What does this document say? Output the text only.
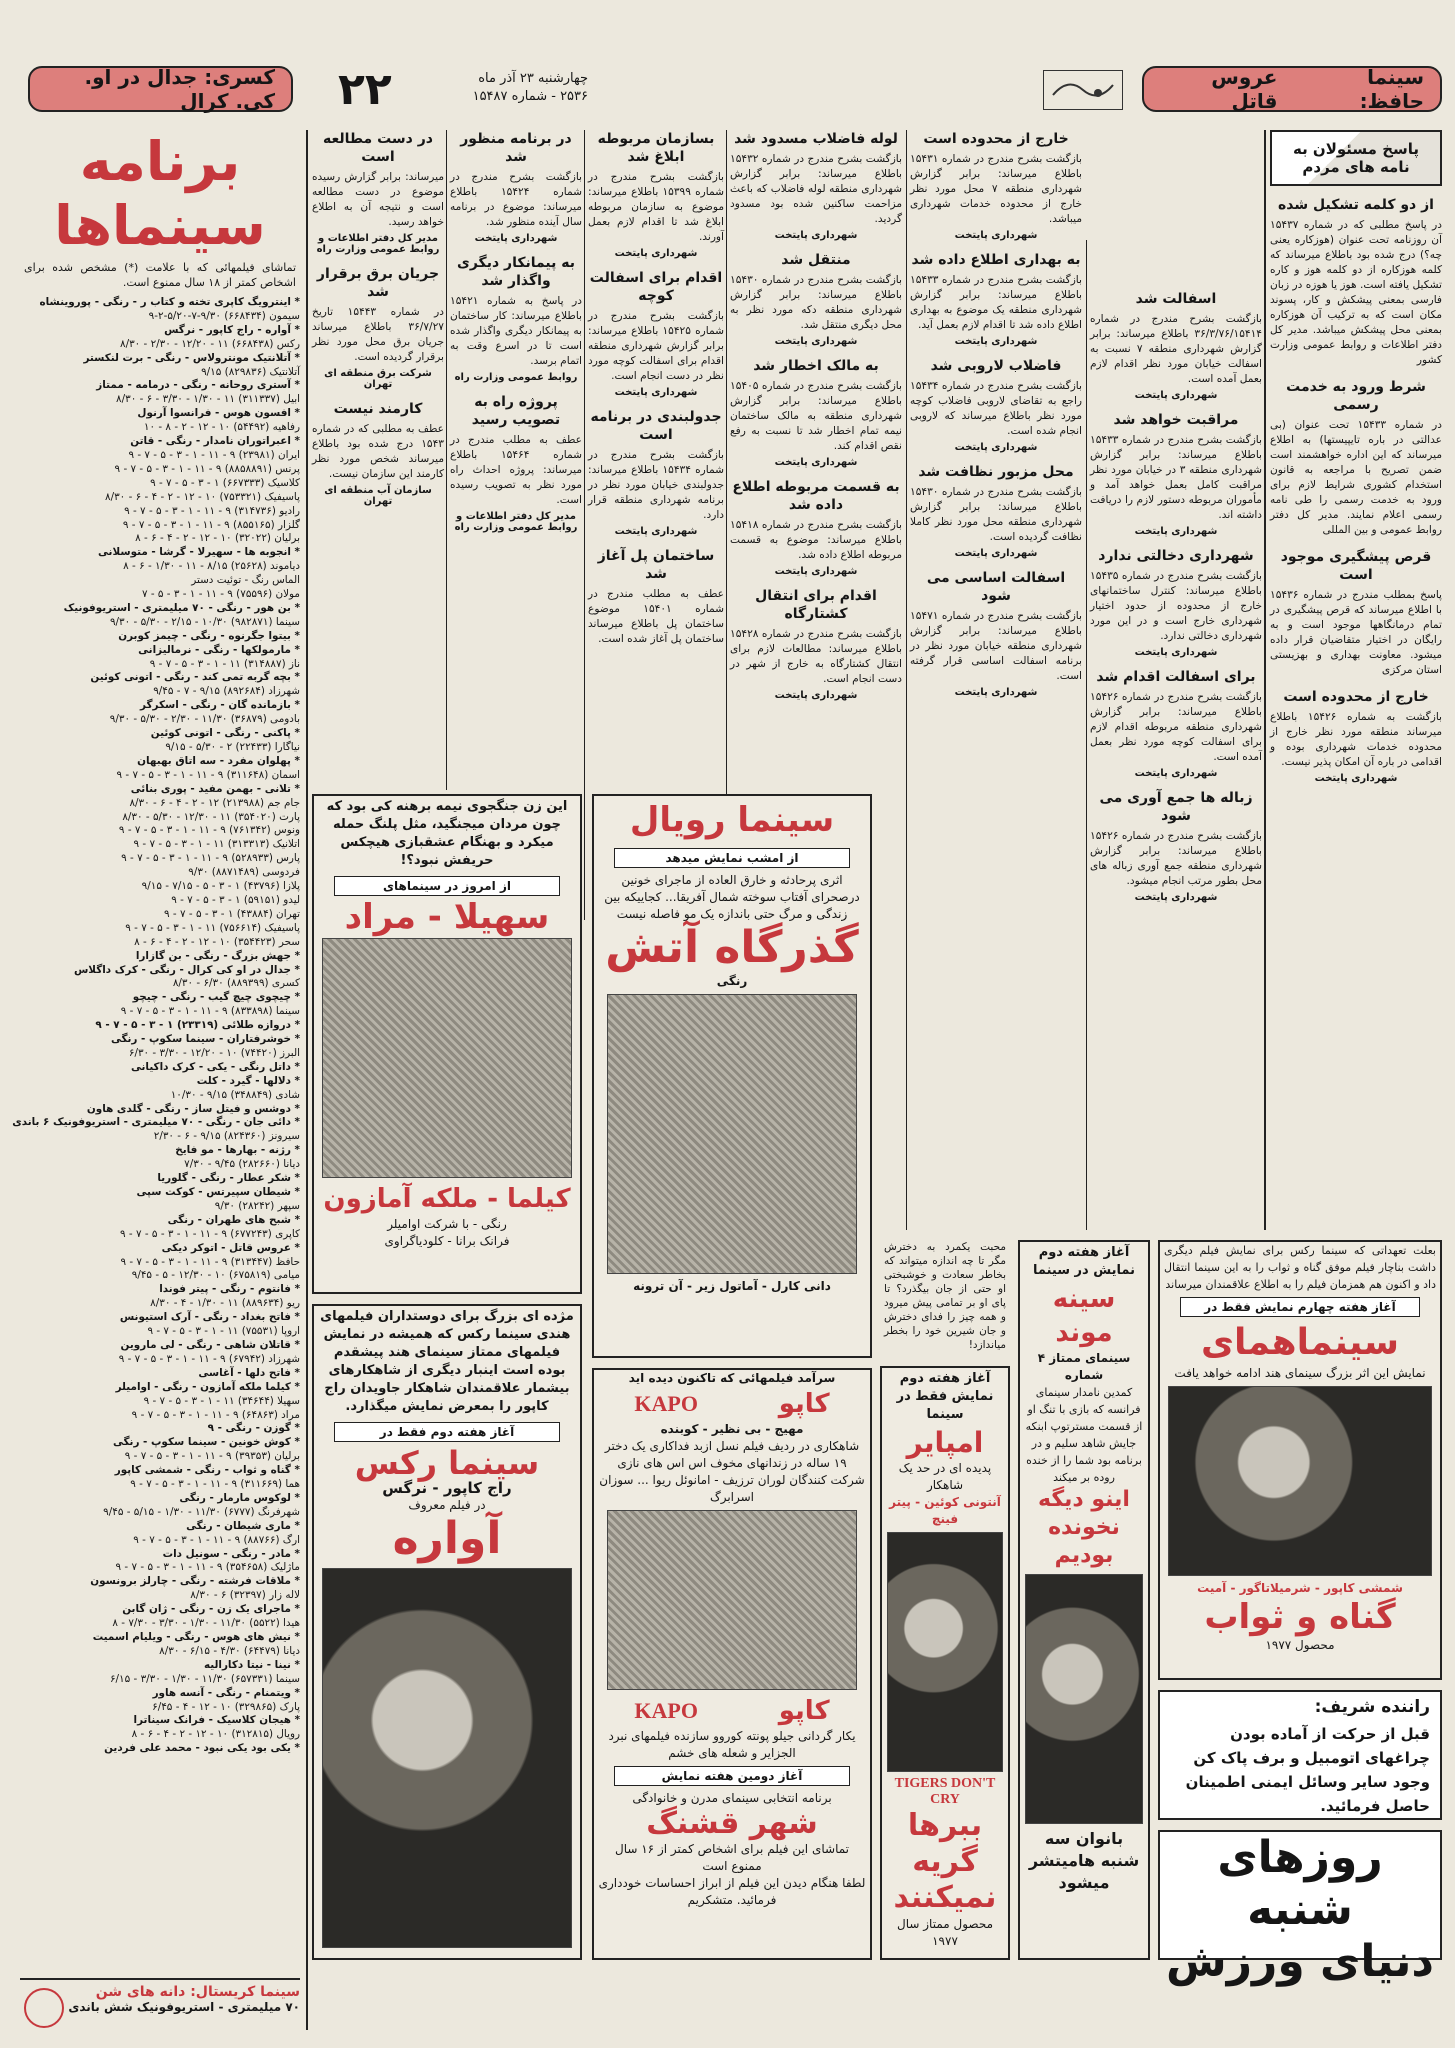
کسری: جدال در او. کی. کرال ۲۲	چهارشنبه ۲۳ آذر ماه
۲۵۳۶ - شماره ۱۵۴۸۷
سینما حافظ:
عروس قاتل
برنامه سینماها
تماشای فیلمهائی که با علامت (*) مشخص شده برای اشخاص کمتر از ۱۸ سال ممنوع است.
* اینترویگ کاپری تخته و کتاب ر - رنگی - پوروینشاه
سیمون (۶۶۸۴۳۴) ۹/۳۰-۷-۵/۲۰-۲-۹
* آواره - راج کاپور - نرگس
رکس (۶۶۸۴۳۸) ۱۱ - ۱۲/۲۰ - ۲/۳۰ - ۸/۳۰
* آتلانتیک مونترولاس - رنگی - برت لنکستر
آتلانتیک (۸۲۹۸۳۶) ۹/۱۵
* آستری روحانه - رنگی - درمامه - ممتاز
ابیل (۳۱۱۳۳۷) ۱۱ - ۱/۳۰ - ۳/۳۰ - ۶ - ۸/۳۰
* افسون هوس - فرانسوا آرنول
رفاهیه (۵۴۴۹۲) ۱۰ - ۱۲ - ۲ - ۸ - ۱۰
* اعبراتوران نامدار - رنگی - قاتن
ایران (۲۳۹۸۱) ۹ - ۱۱ - ۱ - ۳ - ۵ - ۷ - ۹
پرنس (۸۸۵۸۸۹۱) ۹ - ۱۱ - ۱ - ۳ - ۵ - ۷ - ۹
کلاسیک (۶۶۷۳۳۳) ۱ - ۳ - ۵ - ۷ - ۹
پاسیفیک (۷۵۳۳۲۱) ۱۰ - ۱۲ - ۲ - ۴ - ۶ - ۸/۳۰
رادیو (۳۱۴۷۳۶) ۹ - ۱۱ - ۱ - ۳ - ۵ - ۷ - ۹
گلزار (۸۵۵۱۶۵) ۹ - ۱۱ - ۱ - ۳ - ۵ - ۷ - ۹
برلیان (۳۲۰۲۲) ۱۰ - ۱۲ - ۲ - ۴ - ۶ - ۸
* انجوبه ها - سهیرلا - گرشا - متوسلانی
دیاموند (۲۵۶۲۸) ۸/۱۵ - ۱۱ - ۱/۳۰ - ۶ - ۸
الماس رنگ - توئیت دستر
مولان (۷۵۵۹۶) ۹ - ۱۱ - ۱ - ۳ - ۵ - ۷
* بن هور - رنگی - ۷۰ میلیمتری - استریوفونیک
سینما (۹۸۲۸۷۱) ۱۰/۳۰ - ۲/۱۵ - ۵/۳۰ - ۹/۳۰
* بیتوا جگرنوه - رنگی - چیمز کوبرن
* مارمولکها - رنگی - نرمالیزانی
ناز (۳۱۴۸۸۷) ۱۱ - ۱ - ۳ - ۵ - ۷ - ۹
* بچه گربه تمی کند - رنگی - اتونی کوئین
شهرزاد (۸۹۲۶۸۴) ۹/۱۵ - ۷ - ۹/۴۵
* بازمانده گان - رنگی - اسکرگر
بادومی (۳۶۸۷۹) ۱۱/۳۰ - ۲/۳۰ - ۵/۳۰ - ۹/۳۰
* پاکنی - رنگی - اتونی کوئین
نیاگارا (۲۲۴۳۳) ۲ - ۵/۳۰ - ۹/۱۵
* پهلوان مفرد - سه اتاق بهبهان
اسمان (۳۱۱۶۴۸) ۹ - ۱۱ - ۱ - ۳ - ۵ - ۷ - ۹
* تلانی - بهمن مفید - پوری بنائی
جام جم (۲۱۳۹۸۸) ۱۲ - ۲ - ۴ - ۶ - ۸/۳۰
پارت (۳۵۴۰۲۰) ۱۱ - ۱۲/۳۰ - ۵/۳۰ - ۸/۳۰
ونوس (۷۶۱۳۴۲) ۹ - ۱۱ - ۱ - ۳ - ۵ - ۷ - ۹
اتلانیک (۳۱۳۳۱۳) ۱۱ - ۱ - ۳ - ۵ - ۷ - ۹
پارس (۵۲۸۹۳۳) ۹ - ۱۱ - ۱ - ۳ - ۵ - ۷ - ۹
فردوسی (۸۸۷۱۴۸۹) ۹/۳۰
پلازا (۴۳۷۹۶) ۱ - ۳ - ۵ - ۷/۱۵ - ۹/۱۵
لیدو (۵۹۱۵۱) ۱ - ۳ - ۵ - ۷ - ۹
تهران (۴۳۸۸۴) ۱ - ۳ - ۵ - ۷ - ۹
پاسیفیک (۷۵۶۶۱۴) ۱۱ - ۱ - ۳ - ۵ - ۷ - ۹
سحر (۳۵۴۴۲۳) ۱۰ - ۱۲ - ۲ - ۴ - ۶ - ۸
* جهش بزرگ - رنگی - بن گازارا
* جدال در او کی کرال - رنگی - کرک داگلاس
کسری (۸۸۹۳۹۹) ۶/۳۰ - ۸/۳۰
* چیچوی چیچ گیب - رنگی - چیچو
سینما (۸۳۳۸۹۸) ۹ - ۱۱ - ۱ - ۳ - ۵ - ۷ - ۹
* دروازه طلائی (۲۳۳۱۹) ۱ - ۳ - ۵ - ۷ - ۹
* خوشرفتاران - سینما سکوپ - رنگی
البرز (۷۴۴۲۰) ۱۰ - ۱۲/۲۰ - ۳/۳۰ - ۶/۳۰
* داتل رنگی - یکی - کرک داکیانی
* دلالها - گیرد - کلت
شادی (۳۴۸۸۴۹) ۹/۱۵ - ۱۰/۳۰
* دوشس و فیتل ساز - رنگی - گلدی هاون
* دائی جان - رنگی - ۷۰ میلیمتری - استریوفونیک ۶ باندی
سیرونز (۸۲۴۳۶۰) ۹/۱۵ - ۶ - ۲/۳۰
* رژنه - بهارها - مو فایخ
دیانا (۲۸۲۶۶۰) ۹/۴۵ - ۷/۳۰
* شکر عطار - رنگی - گلوریا
* شیطان سپیرتس - کوکت سپی
سپهر (۲۸۲۴۲) ۹/۳۰
* شبح های طهران - رنگی
کاپری (۶۷۷۲۴۳) ۹ - ۱۱ - ۱ - ۳ - ۵ - ۷ - ۹
* عروس قاتل - اتوکر دیکی
حافظ (۳۱۳۴۴۷) ۹ - ۱۱ - ۱ - ۳ - ۵ - ۷ - ۹
میامی (۶۷۵۸۱۹) ۱۰ - ۱۲/۳۰ - ۵ - ۹/۴۵
* فانتوم - رنگی - پیتر فوندا
ریو (۸۸۹۶۳۴) ۱۱ - ۱/۳۰ - ۴ - ۸/۳۰
* فاتح بغداد - رنگی - آرک استیونس
اروپا (۷۵۵۳۱) ۱۱ - ۱ - ۳ - ۵ - ۷ - ۹
* قاتلان شاهی - رنگی - لی ماروین
شهرزاد (۶۷۹۴۲) ۹ - ۱۱ - ۱ - ۳ - ۵ - ۷ - ۹
* فاتح دلها - آغاسی
* کیلما ملکه آمازون - رنگی - اوامیلر
سهیلا (۳۴۶۴۴) ۱۱ - ۱ - ۳ - ۵ - ۷ - ۹
مراد (۶۴۸۶۳) ۹ - ۱۱ - ۱ - ۳ - ۵ - ۷ - ۹
* گوزن - رنگی - ۹
* کوش خونین - سینما سکوپ - رنگی
برلیان (۳۹۳۵۳) ۹ - ۱۱ - ۱ - ۳ - ۵ - ۷ - ۹
* گناه و ثواب - رنگی - شمشی کاپور
هما (۳۱۱۶۶۹) ۹ - ۱۱ - ۱ - ۳ - ۵ - ۷ - ۹
* لوکوس مارمار - رنگی
شهرفرنگ (۶۷۷۷) ۱۱/۳۰ - ۱/۳۰ - ۵/۱۵ - ۹/۴۵
* ماری شیطان - رنگی
ارگ (۸۸۷۶۶) ۹ - ۱۱ - ۱ - ۳ - ۵ - ۷ - ۹
* مادر - رنگی - سونیل دات
ماژلیک (۳۵۴۶۵۸) ۹ - ۱۱ - ۱ - ۳ - ۵ - ۷ - ۹
* ملاقات فرشته - رنگی - چارلز برونسون
لاله زار (۳۲۳۹۷) ۶ - ۸/۳۰
* ماجرای یک زن - رنگی - ژان گابن
هیدا (۵۵۲۲) ۱۱/۳۰ - ۱/۳۰ - ۳/۳۰ - ۷/۳۰ - ۸
* نیش های هوس - رنگی - ویلیام اسمیت
دیانا (۶۴۴۷۹) ۴/۳۰ - ۶/۱۵ - ۸/۳۰
* نینا - نیتا دکارالیه
سینما (۶۵۷۳۳۱) ۱۱/۳۰ - ۱/۳۰ - ۳/۳۰ - ۶/۱۵
* ویتمنام - رنگی - آنسه هاور
پارک (۳۲۹۸۶۵) ۱۰ - ۱۲ - ۴ - ۶/۴۵
* هیجان کلاسیک - فرانک سیناترا
رویال (۳۱۲۸۱۵) ۱۰ - ۱۲ - ۲ - ۴ - ۶ - ۸
* یکی بود یکی نبود - محمد علی فردین
سینما کریستال: دانه های شن
۷۰ میلیمتری - استریوفونیک شش باندی
پاسخ مسئولان به نامه های مردم
از دو کلمه تشکیل شده
در پاسخ مطلبی که در شماره ۱۵۴۳۷ آن روزنامه تحت عنوان (هوزکاره یعنی چه؟) درج شده بود باطلاع میرساند که کلمه هوزکاره از دو کلمه هوز و کاره تشکیل یافته است. هوز یا هوزه در زبان فارسی بمعنی پیشکش و کار، پسوند مکان است که به ترکیب آن هوزکاره بمعنی محل پیشکش میباشد. مدیر کل دفتر اطلاعات و روابط عمومی وزارت کشور
شرط ورود به خدمت رسمی
در شماره ۱۵۴۳۳ تحت عنوان (بی عدالتی در باره تایپیستها) به اطلاع میرساند که این اداره خواهشمند است ضمن تصریح با مراجعه به قانون استخدام کشوری شرایط لازم برای ورود به خدمت رسمی را طی نامه رسمی اعلام نمایند. مدیر کل دفتر روابط عمومی و بین المللی
قرص پیشگیری موجود است
پاسخ بمطلب مندرج در شماره ۱۵۴۳۶ با اطلاع میرساند که قرص پیشگیری در تمام درمانگاهها موجود است و به رایگان در اختیار متقاضیان قرار داده میشود. معاونت بهداری و بهزیستی استان مرکزی
خارج از محدوده است
بازگشت به شماره ۱۵۴۲۶ باطلاع میرساند منطقه مورد نظر خارج از محدوده خدمات شهرداری بوده و اقدامی در باره آن امکان پذیر نیست.
شهرداری پایتخت
اسفالت شد
بازگشت بشرح مندرج در شماره ۳۶/۳/۷۶/۱۵۴۱۴ باطلاع میرساند: برابر گزارش شهرداری منطقه ۷ نسبت به اسفالت خیابان مورد نظر اقدام لازم بعمل آمده است.
شهرداری پایتخت
مراقبت خواهد شد
بازگشت بشرح مندرج در شماره ۱۵۴۳۳ باطلاع میرساند: برابر گزارش شهرداری منطقه ۳ در خیابان مورد نظر مراقبت کامل بعمل خواهد آمد و مأموران مربوطه دستور لازم را دریافت داشته اند.
شهرداری پایتخت
شهرداری دخالتی ندارد
بازگشت بشرح مندرج در شماره ۱۵۴۳۵ باطلاع میرساند: کنترل ساختمانهای خارج از محدوده از حدود اختیار شهرداری خارج است و در این مورد شهرداری دخالتی ندارد.
شهرداری پایتخت
برای اسفالت اقدام شد
بازگشت بشرح مندرج در شماره ۱۵۴۲۶ باطلاع میرساند: برابر گزارش شهرداری منطقه مربوطه اقدام لازم برای اسفالت کوچه مورد نظر بعمل آمده است.
شهرداری پایتخت
زباله ها جمع آوری می شود
بازگشت بشرح مندرج در شماره ۱۵۴۲۶ باطلاع میرساند: برابر گزارش شهرداری منطقه جمع آوری زباله های محل بطور مرتب انجام میشود.
شهرداری پایتخت
خارج از محدوده است
بازگشت بشرح مندرج در شماره ۱۵۴۳۱ باطلاع میرساند: برابر گزارش شهرداری منطقه ۷ محل مورد نظر خارج از محدوده خدمات شهرداری میباشد.
شهرداری پایتخت
به بهداری اطلاع داده شد
بازگشت بشرح مندرج در شماره ۱۵۴۳۳ باطلاع میرساند: برابر گزارش شهرداری منطقه یک موضوع به بهداری اطلاع داده شد تا اقدام لازم بعمل آید.
شهرداری پایتخت
فاضلاب لاروبی شد
بازگشت بشرح مندرج در شماره ۱۵۴۳۴ راجع به تقاضای لاروبی فاضلاب کوچه مورد نظر باطلاع میرساند که لاروبی انجام شده است.
شهرداری پایتخت
محل مزبور نظافت شد
بازگشت بشرح مندرج در شماره ۱۵۴۳۰ باطلاع میرساند: برابر گزارش شهرداری منطقه محل مورد نظر کاملا نظافت گردیده است.
شهرداری پایتخت
اسفالت اساسی می شود
بازگشت بشرح مندرج در شماره ۱۵۴۷۱ باطلاع میرساند: برابر گزارش شهرداری منطقه خیابان مورد نظر در برنامه اسفالت اساسی قرار گرفته است.
شهرداری پایتخت
لوله فاضلاب مسدود شد
بازگشت بشرح مندرج در شماره ۱۵۴۳۲ باطلاع میرساند: برابر گزارش شهرداری منطقه لوله فاضلاب که باعث مزاحمت ساکنین شده بود مسدود گردید.
شهرداری پایتخت
منتقل شد
بازگشت بشرح مندرج در شماره ۱۵۴۳۰ باطلاع میرساند: برابر گزارش شهرداری منطقه دکه مورد نظر به محل دیگری منتقل شد.
شهرداری پایتخت
به مالک اخطار شد
بازگشت بشرح مندرج در شماره ۱۵۴۰۵ باطلاع میرساند: برابر گزارش شهرداری منطقه به مالک ساختمان نیمه تمام اخطار شد تا نسبت به رفع نقص اقدام کند.
شهرداری پایتخت
به قسمت مربوطه اطلاع داده شد
بازگشت بشرح مندرج در شماره ۱۵۴۱۸ باطلاع میرساند: موضوع به قسمت مربوطه اطلاع داده شد.
شهرداری پایتخت
اقدام برای انتقال کشتارگاه
بازگشت بشرح مندرج در شماره ۱۵۴۲۸ باطلاع میرساند: مطالعات لازم برای انتقال کشتارگاه به خارج از شهر در دست انجام است.
شهرداری پایتخت
بسازمان مربوطه ابلاغ شد
بازگشت بشرح مندرج در شماره ۱۵۳۹۹ باطلاع میرساند: موضوع به سازمان مربوطه ابلاغ شد تا اقدام لازم بعمل آورند.
شهرداری پایتخت
اقدام برای اسفالت کوچه
بازگشت بشرح مندرج در شماره ۱۵۴۲۵ باطلاع میرساند: برابر گزارش شهرداری منطقه اقدام برای اسفالت کوچه مورد نظر در دست انجام است.
شهرداری پایتخت
جدولبندی در برنامه است
بازگشت بشرح مندرج در شماره ۱۵۴۳۴ باطلاع میرساند: جدولبندی خیابان مورد نظر در برنامه شهرداری منطقه قرار دارد.
شهرداری پایتخت
ساختمان پل آغاز شد
عطف به مطلب مندرج در شماره ۱۵۴۰۱ موضوع ساختمان پل باطلاع میرساند ساختمان پل آغاز شده است.
در برنامه منظور شد
بازگشت بشرح مندرج در شماره ۱۵۴۲۴ باطلاع میرساند: موضوع در برنامه سال آینده منظور شد.
شهرداری پایتخت
به پیمانکار دیگری واگذار شد
در پاسخ به شماره ۱۵۴۲۱ باطلاع میرساند: کار ساختمان به پیمانکار دیگری واگذار شده است تا در اسرع وقت به اتمام برسد.
روابط عمومی وزارت راه
پروژه راه به تصویب رسید
عطف به مطلب مندرج در شماره ۱۵۴۶۴ باطلاع میرساند: پروژه احداث راه مورد نظر به تصویب رسیده است.
مدیر کل دفتر اطلاعات و روابط عمومی وزارت راه
در دست مطالعه است
میرساند: برابر گزارش رسیده موضوع در دست مطالعه است و نتیجه آن به اطلاع خواهد رسید.
مدیر کل دفتر اطلاعات و روابط عمومی وزارت راه
جریان برق برقرار شد
در شماره ۱۵۴۴۳ تاریخ ۳۶/۷/۲۷ باطلاع میرساند جریان برق محل مورد نظر برقرار گردیده است.
شرکت برق منطقه ای تهران
کارمند نیست
عطف به مطلبی که در شماره ۱۵۴۳ درج شده بود باطلاع میرساند شخص مورد نظر کارمند این سازمان نیست.
سازمان آب منطقه ای تهران
این زن جنگجوی نیمه برهنه کی بود که چون مردان میجنگید، مثل پلنگ حمله میکرد و بهنگام عشقبازی هیچکس حریفش نبود؟!
از امروز در سینماهای
سهیلا - مراد
کیلما - ملکه آمازون
رنگی - با شرکت اوامیلر
فرانک برانا - کلودیاگراوی
سینما رویال
از امشب نمایش میدهد
اثری پرحادثه و خارق العاده از ماجرای خونین درصحرای آفتاب سوخته شمال آفریقا... کجاییکه بین زندگی و مرگ حتی باندازه یک مو فاصله نیست
گذرگاه آتش
رنگی
دانی کارل - آماتول زیر - آن ترونه
مژده ای بزرگ برای دوستداران فیلمهای هندی سینما رکس که همیشه در نمایش فیلمهای ممتاز سینمای هند پیشقدم بوده است اینبار دیگری از شاهکارهای بیشمار علاقمندان شاهکار جاویدان راج کاپور را بمعرض نمایش میگذارد.
آغاز هفته دوم فقط در
سینما رکس
راج کاپور - نرگس
در فیلم معروف
آواره
سرآمد فیلمهائی که تاکنون دیده اید
کاپو
KAPO
مهیج - بی نظیر - کوبنده
شاهکاری در ردیف فیلم نسل ازبد فداکاری یک دختر ۱۹ ساله در زندانهای مخوف اس اس های نازی
شرکت کنندگان لوران ترزیف - امانوئل ریوا ... سوزان اسرابرگ
کاپو
KAPO
یکار گردانی جیلو پونته کوروو سازنده فیلمهای نبرد الجزایر و شعله های خشم
آغاز دومین هفته نمایش
برنامه انتخابی سینمای مدرن و خانوادگی
شهر قشنگ
تماشای این فیلم برای اشخاص کمتر از ۱۶ سال ممنوع است
لطفا هنگام دیدن این فیلم از ابراز احساسات خودداری فرمائید. متشکریم
محبت یکمرد به دخترش مگر تا چه اندازه میتواند که بخاطر سعادت و خوشبختی او حتی از جان بیگذرد؟ تا پای او بر تمامی پیش میرود و همه چیز را فدای دخترش و جان شیرین خود را بخطر میاندازد!
آغاز هفته دوم نمایش فقط در سینما
امپایر
پدیده ای در حد یک شاهکار
آنتونی کوئین - پیتر فینچ
TIGERS DON'T CRY
ببرها گریه نمیکنند
محصول ممتاز سال ۱۹۷۷
آغاز هفته دوم نمایش در سینما
سینه موند
سینمای ممتاز ۴ شماره
کمدین نامدار سینمای فرانسه که بازی با تنگ او از قسمت مسترتوپ ابنکه جایش شاهد سلیم و در برنامه بود شما را از خنده روده بر میکند
اینو دیگه نخونده بودیم
بانوان سه شنبه هامیتشر میشود
بعلت تعهداتی که سینما رکس برای نمایش فیلم دیگری داشت بناچار فیلم موفق گناه و ثواب را به این سینما انتقال داد و اکنون هم همزمان فیلم را به اطلاع علاقمندان میرساند
آغاز هفته چهارم نمایش فقط در
سینماهمای
نمایش این اثر بزرگ سینمای هند ادامه خواهد یافت
شمشی کاپور - شرمیلاتاگور - آمیت
گناه و ثواب
محصول ۱۹۷۷
راننده شریف:
قبل از حرکت از آماده بودن چراغهای اتومبیل و برف پاک کن وجود سایر وسائل ایمنی اطمینان حاصل فرمائید.
روزهای شنبه
دنیای ورزش
